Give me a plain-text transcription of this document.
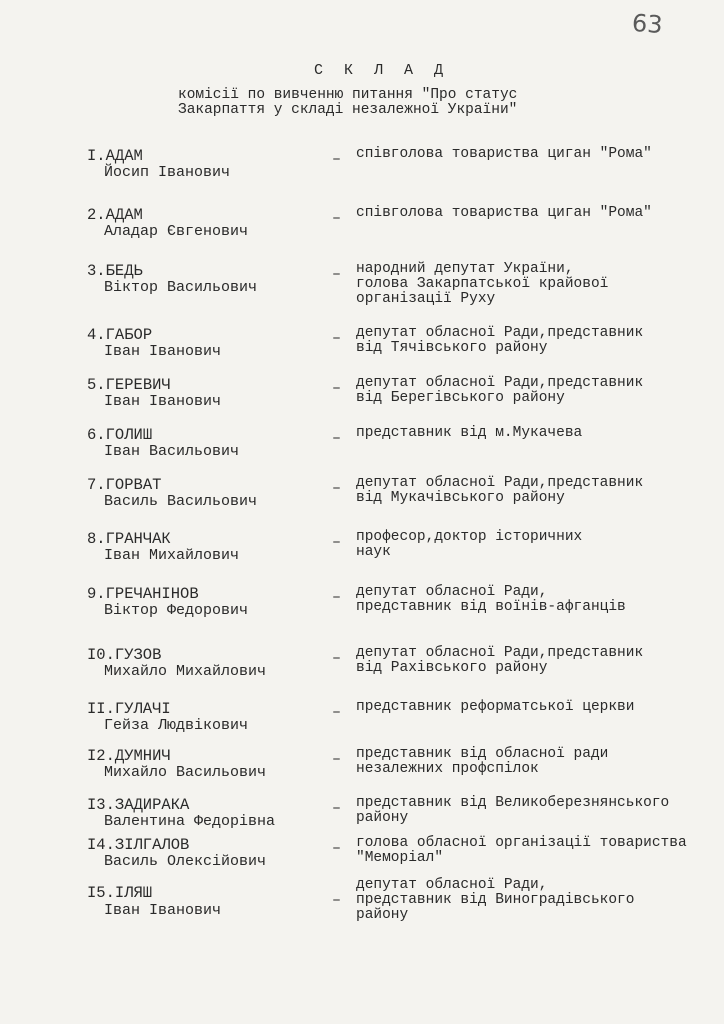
63
С К Л А Д
комісії по вивченню питання "Про статус Закарпаття у складі незалежної України"
I.АДАМ
Йосип Іванович
– спiвголова товариства циган "Рома"
2.АДАМ
Аладар Євгенович
– спiвголова товариства циган "Рома"
3.БЕДЬ
Віктор Васильович
– народний депутат України,
голова Закарпатської крайової організації Руху
4.ГАБОР
Іван Іванович
– депутат обласної Ради,представник
вiд Тячiвського району
5.ГЕРЕВИЧ
Іван Іванович
– депутат обласної Ради,представник
вiд Берегiвського району
6.ГОЛИШ
Іван Васильович
– представник вiд м.Мукачева
7.ГОРВАТ
Василь Васильович
– депутат обласної Ради,представник
вiд Мукачiвського району
8.ГРАНЧАК
Іван Михайлович
– професор,доктор історичних
наук
9.ГРЕЧАНІНОВ
Віктор Федорович
– депутат обласної Ради,
представник вiд воїнiв-афганцiв
I0.ГУЗОВ
Михайло Михайлович
– депутат обласної Ради,представник
вiд Рахiвського району
II.ГУЛАЧІ
Гейза Людвікович
– представник реформатської церкви
I2.ДУМНИЧ
Михайло Васильович
– представник вiд обласної ради
незалежних профспiлок
I3.ЗАДИРАКА
Валентина Федорівна
– представник вiд Великоберезнянського району
I4.ЗІЛГАЛОВ
Василь Олексійович
– голова обласної організації товариства "Меморiал"
I5.ІЛЯШ
Іван Іванович
–
депутат обласної Ради,
представник вiд Виноградiвського
району
